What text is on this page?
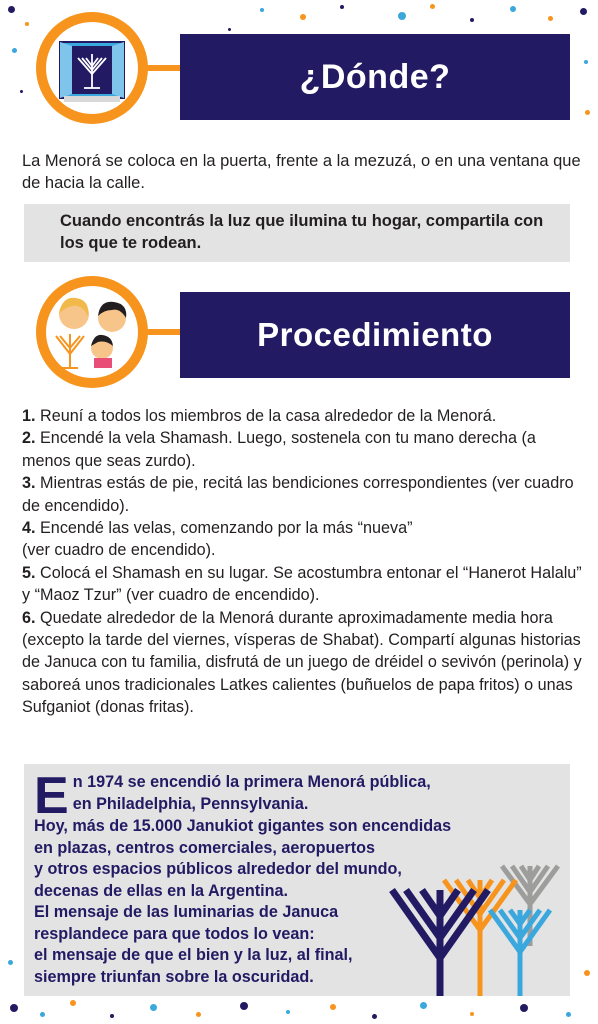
¿Dónde?

La Menorá se coloca en la puerta, frente a la mezuzá, o en una ventana que de hacia la calle.

Cuando encontrás la luz que ilumina tu hogar, compartila con los que te rodean.
Procedimiento
1. Reuní a todos los miembros de la casa alrededor de la Menorá.
2. Encendé la vela Shamash. Luego, sostenela con tu mano derecha (a menos que seas zurdo).
3. Mientras estás de pie, recitá las bendiciones correspondientes (ver cuadro de encendido).
4. Encendé las velas, comenzando por la más “nueva”
(ver cuadro de encendido).
5. Colocá el Shamash en su lugar. Se acostumbra entonar el “Hanerot Halalu” y “Maoz Tzur” (ver cuadro de encendido).
6. Quedate alrededor de la Menorá durante aproximadamente media hora (excepto la tarde del viernes, vísperas de Shabat). Compartí algunas historias de Januca con tu familia, disfrutá de un juego de dréidel o sevivón (perinola) y saboreá unos tradicionales Latkes calientes (buñuelos de papa fritos) o unas Sufganiot (donas fritas).
E n 1974 se encendió la primera Menorá pública,
en Philadelphia, Pennsylvania.
Hoy, más de 15.000 Janukiot gigantes son encendidas
en plazas, centros comerciales, aeropuertos
y otros espacios públicos alrededor del mundo,
decenas de ellas en la Argentina.
El mensaje de las luminarias de Januca
resplandece para que todos lo vean:
el mensaje de que el bien y la luz, al final,
siempre triunfan sobre la oscuridad.
